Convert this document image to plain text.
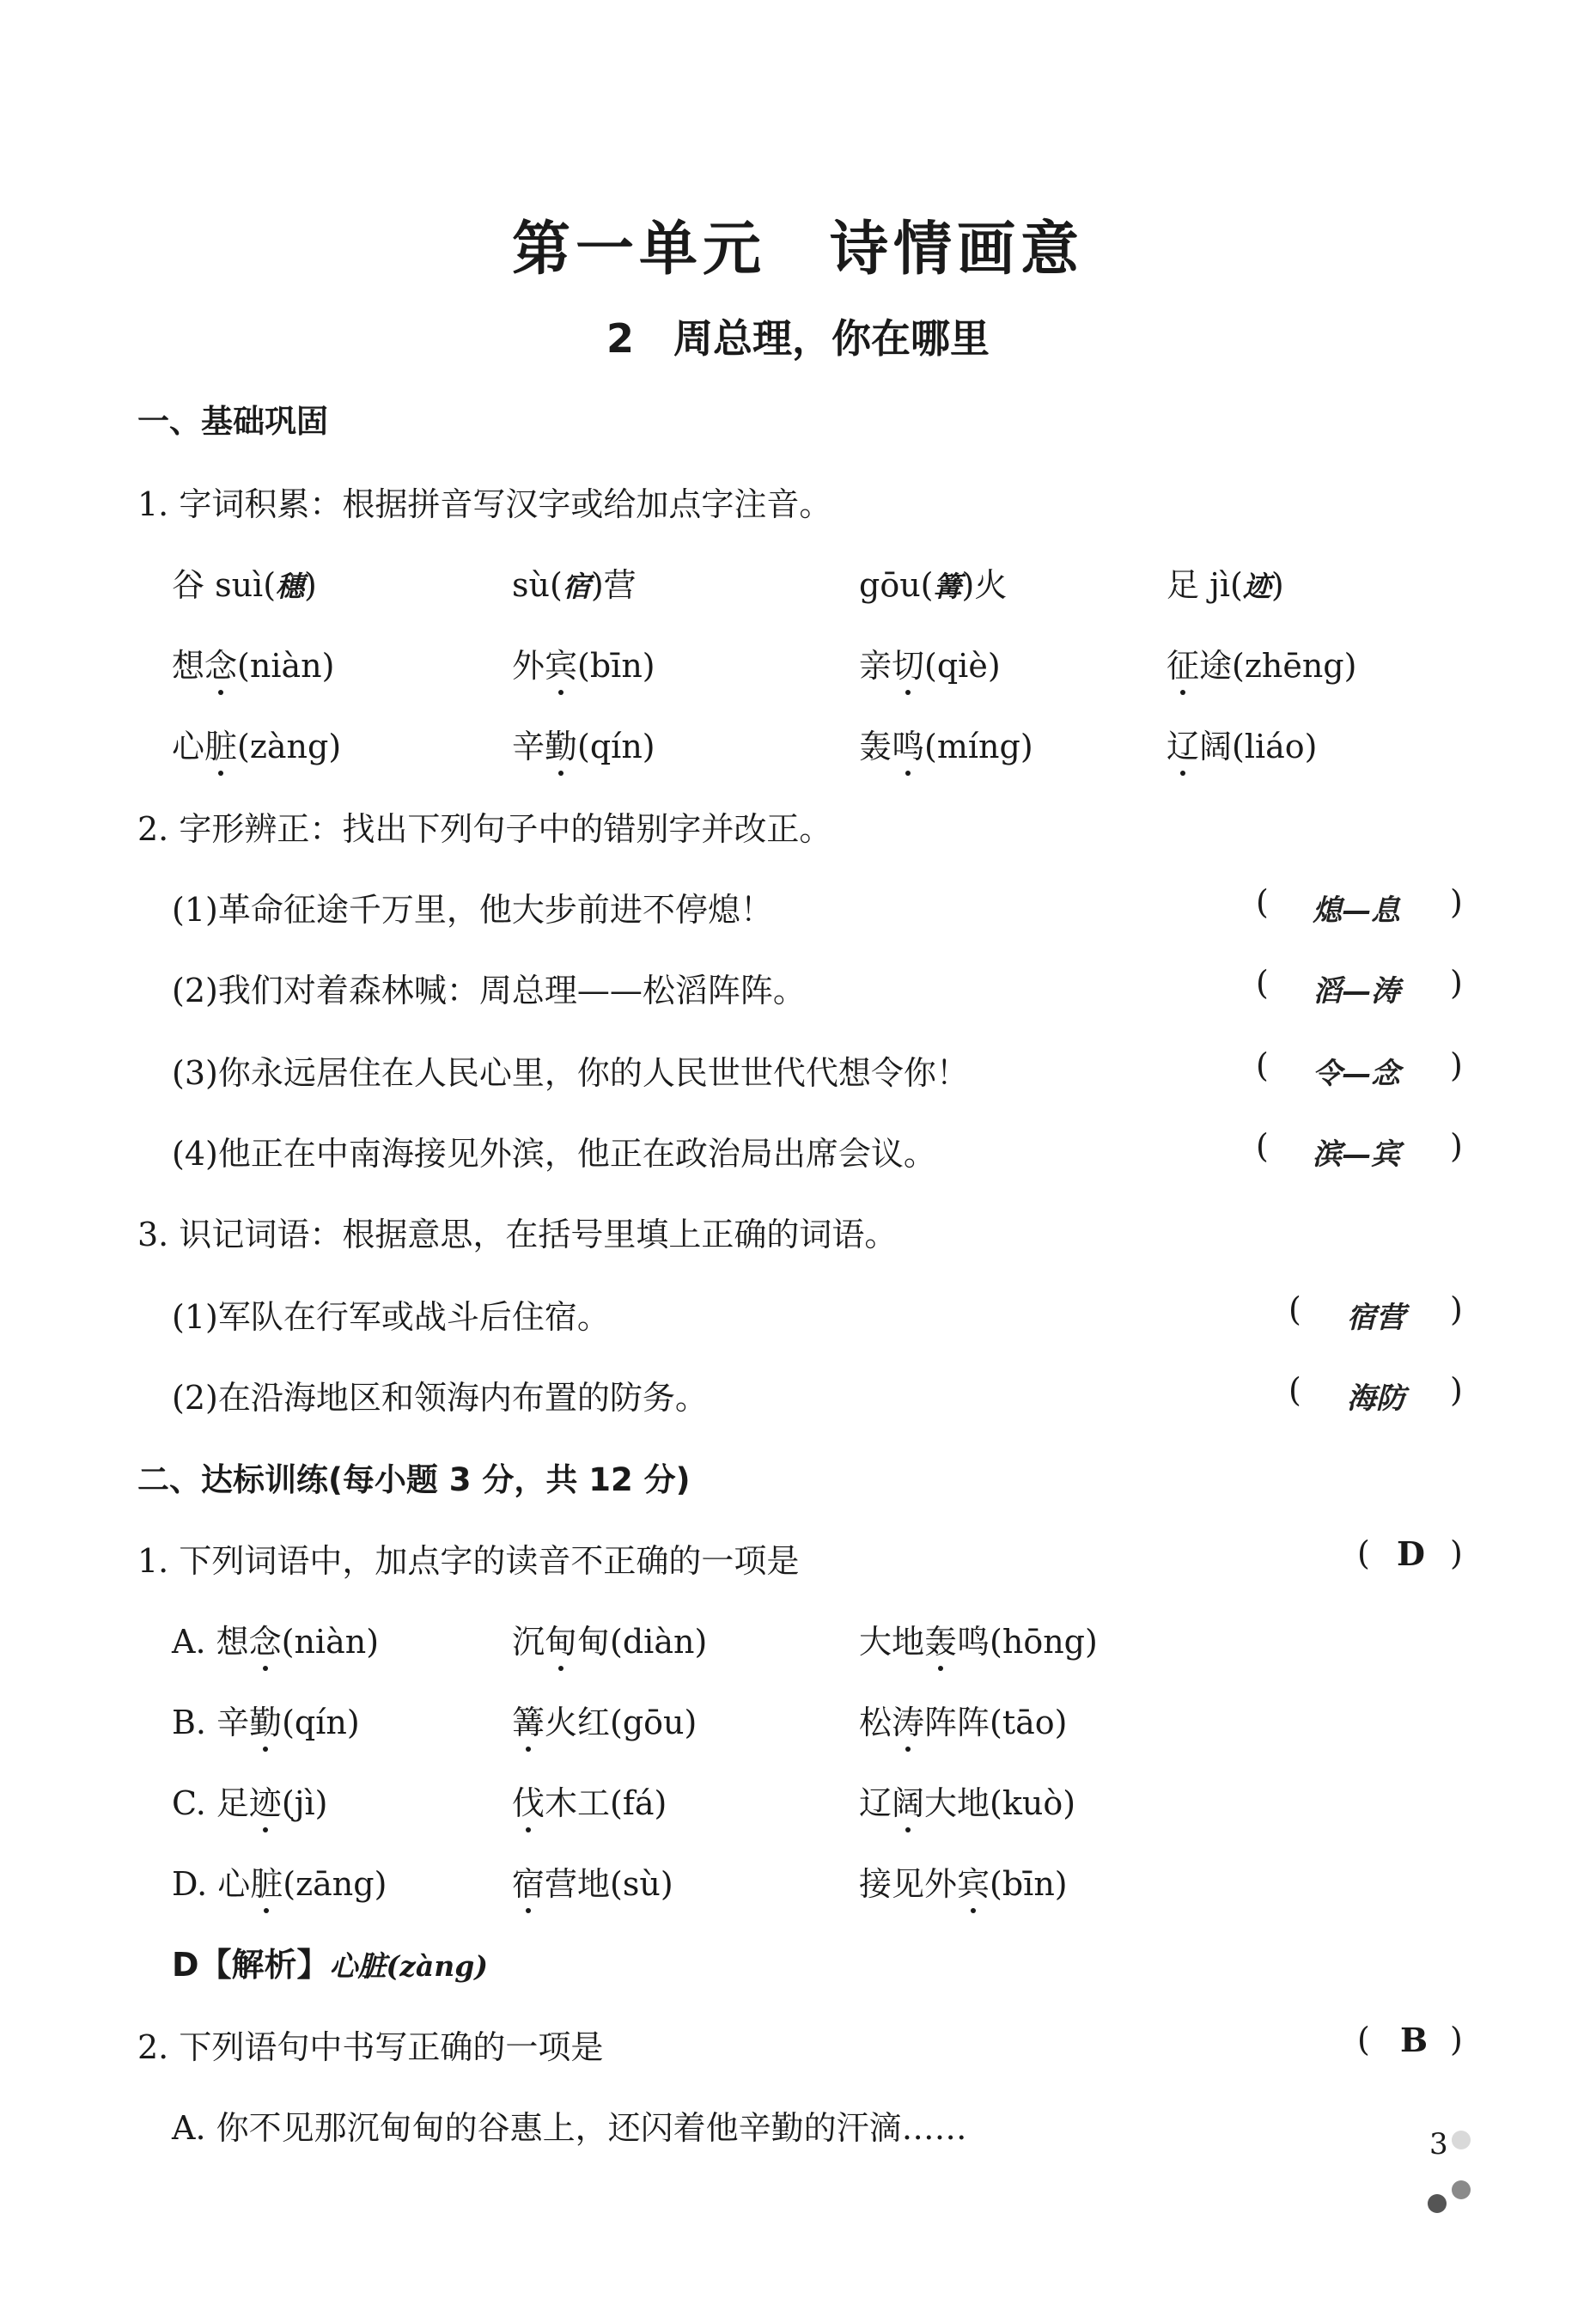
第一单元　诗情画意
2　周总理，你在哪里
一、基础巩固
1. 字词积累：根据拼音写汉字或给加点字注音。
谷 suì(穗)	sù(宿)营	gōu(篝)火	足 jì(迹)
想念(niàn)	外宾(bīn)	亲切(qiè)	征途(zhēng)
心脏(zàng)	辛勤(qín)	轰鸣(míng)	辽阔(liáo)
2. 字形辨正：找出下列句子中的错别字并改正。
(1)革命征途千万里，他大步前进不停熄！	( 熄—息 )
(2)我们对着森林喊：周总理——松滔阵阵。	( 滔—涛 )
(3)你永远居住在人民心里，你的人民世世代代想令你！	( 令—念 )
(4)他正在中南海接见外滨，他正在政治局出席会议。	( 滨—宾 )
3. 识记词语：根据意思，在括号里填上正确的词语。
(1)军队在行军或战斗后住宿。	( 宿营 )
(2)在沿海地区和领海内布置的防务。	( 海防 )
二、达标训练(每小题 3 分，共 12 分)
1. 下列词语中，加点字的读音不正确的一项是	( D )
A. 想念(niàn)	沉甸甸(diàn)	大地轰鸣(hōng)
B. 辛勤(qín)	篝火红(gōu)	松涛阵阵(tāo)
C. 足迹(jì)	伐木工(fá)	辽阔大地(kuò)
D. 心脏(zāng)	宿营地(sù)	接见外宾(bīn)
D【解析】心脏(zàng)
2. 下列语句中书写正确的一项是	( B )
A. 你不见那沉甸甸的谷惠上，还闪着他辛勤的汗滴……	3
